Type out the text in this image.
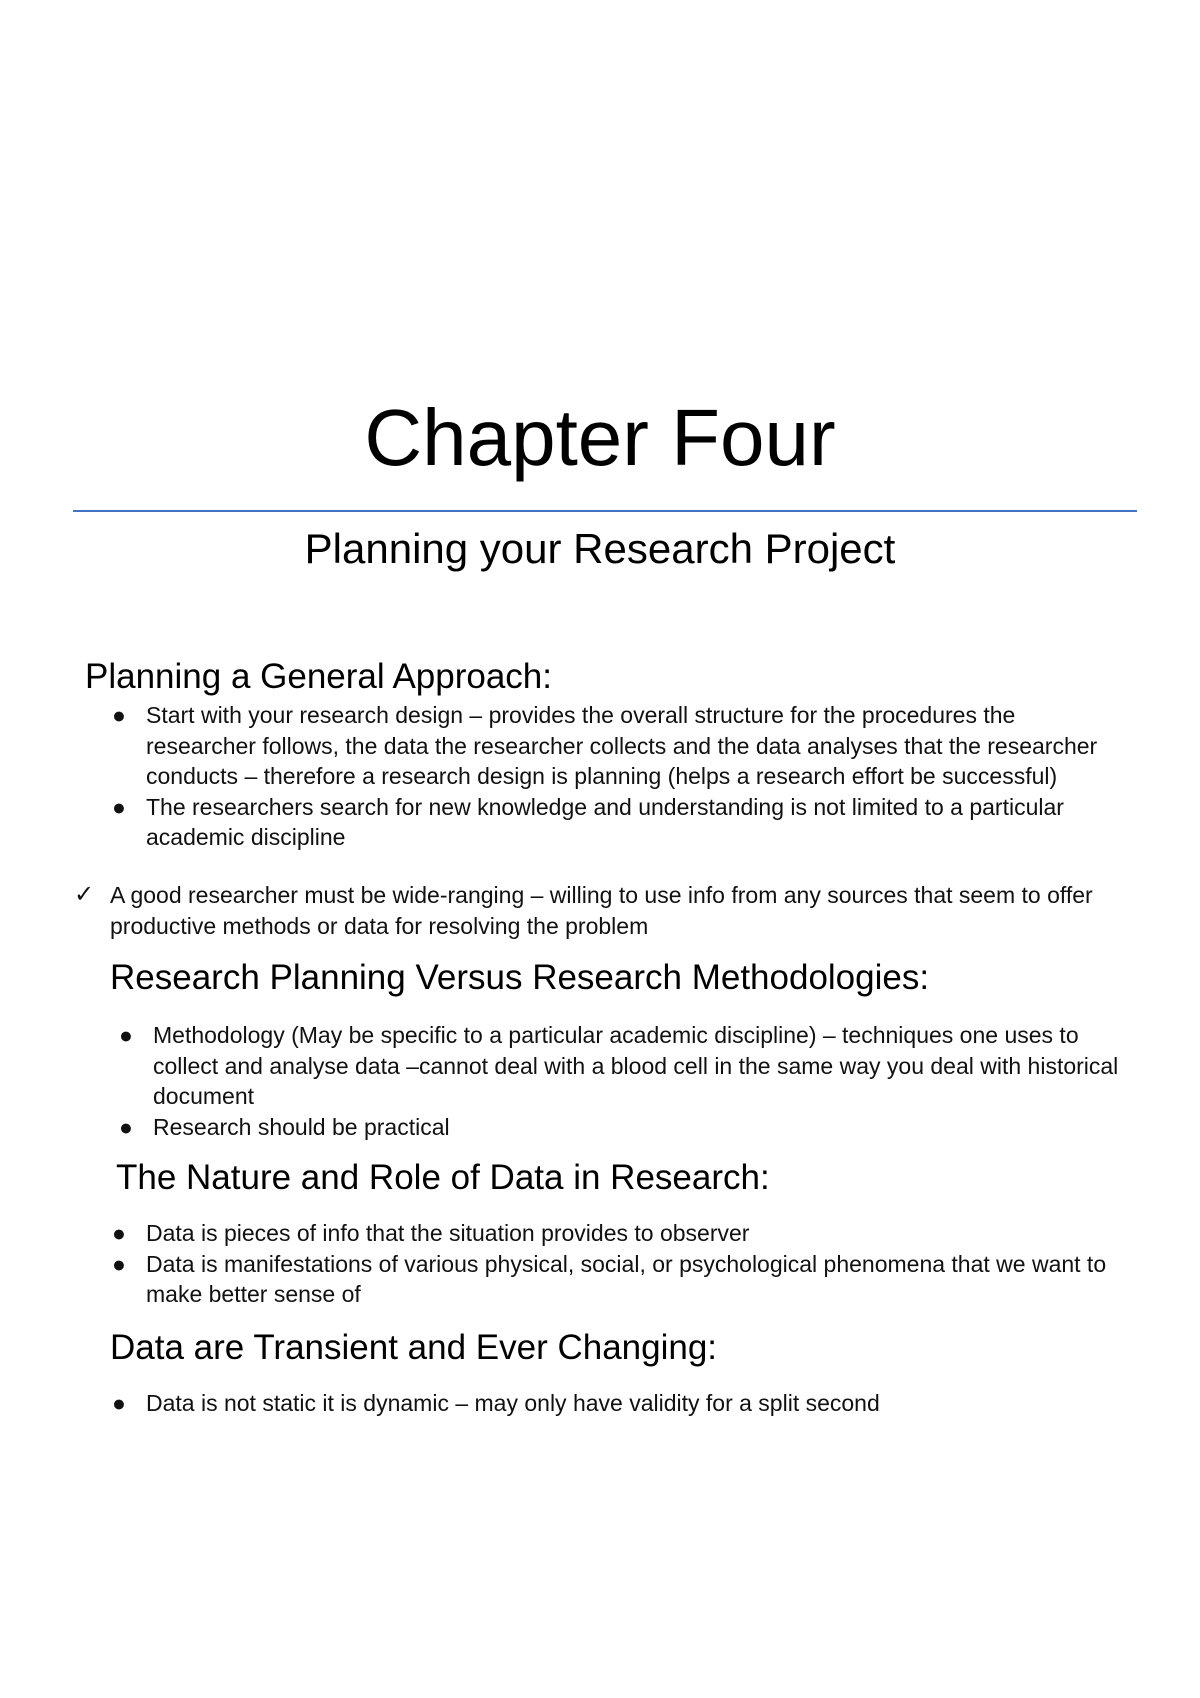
Chapter Four
Planning your Research Project
Planning a General Approach:
● Start with your research design – provides the overall structure for the procedures the researcher follows, the data the researcher collects and the data analyses that the researcher conducts – therefore a research design is planning (helps a research effort be successful)
● The researchers search for new knowledge and understanding is not limited to a particular academic discipline
✓ A good researcher must be wide-ranging – willing to use info from any sources that seem to offer productive methods or data for resolving the problem
Research Planning Versus Research Methodologies:
● Methodology (May be specific to a particular academic discipline) – techniques one uses to collect and analyse data –cannot deal with a blood cell in the same way you deal with historical document
● Research should be practical
The Nature and Role of Data in Research:
● Data is pieces of info that the situation provides to observer
● Data is manifestations of various physical, social, or psychological phenomena that we want to make better sense of
Data are Transient and Ever Changing:
● Data is not static it is dynamic – may only have validity for a split second
